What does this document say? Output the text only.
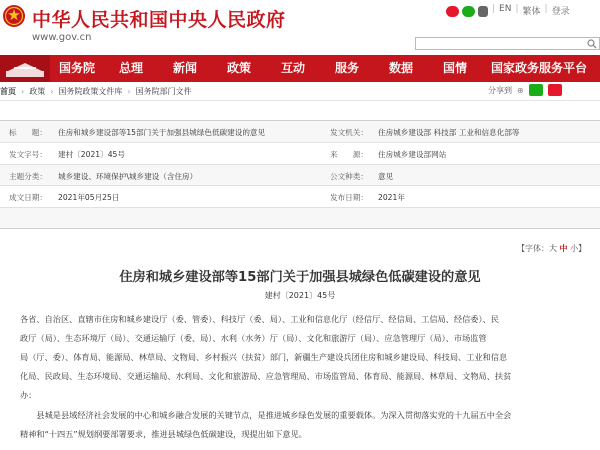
中华人民共和国中央人民政府
www.gov.cn
| EN | 繁体 | 登录
国务院	总理	新闻	政策	互动	服务	数据	国情	国家政务服务平台
首页 › 政策 › 国务院政策文件库 › 国务院部门文件	分享到 ⊕
标　　题： 住房和城乡建设部等15部门关于加强县城绿色低碳建设的意见	发文机关： 住房城乡建设部 科技部 工业和信息化部等
发文字号： 建村〔2021〕45号	来　　源： 住房城乡建设部网站
主题分类： 城乡建设、环境保护\城乡建设（含住房）	公文种类： 意见
成文日期： 2021年05月25日	发布日期： 2021年
【字体：大 中 小】
住房和城乡建设部等15部门关于加强县城绿色低碳建设的意见
建村〔2021〕45号
各省、自治区、直辖市住房和城乡建设厅（委、管委）、科技厅（委、局）、工业和信息化厅（经信厅、经信局、工信局、经信委）、民
政厅（局）、生态环境厅（局）、交通运输厅（委、局）、水利（水务）厅（局）、文化和旅游厅（局）、应急管理厅（局）、市场监管
局（厅、委）、体育局、能源局、林草局、文物局、乡村振兴（扶贫）部门，新疆生产建设兵团住房和城乡建设局、科技局、工业和信息
化局、民政局、生态环境局、交通运输局、水利局、文化和旅游局、应急管理局、市场监管局、体育局、能源局、林草局、文物局、扶贫
办：
　　县城是县域经济社会发展的中心和城乡融合发展的关键节点，是推进城乡绿色发展的重要载体。为深入贯彻落实党的十九届五中全会
精神和“十四五”规划纲要部署要求，推进县城绿色低碳建设，现提出如下意见。
